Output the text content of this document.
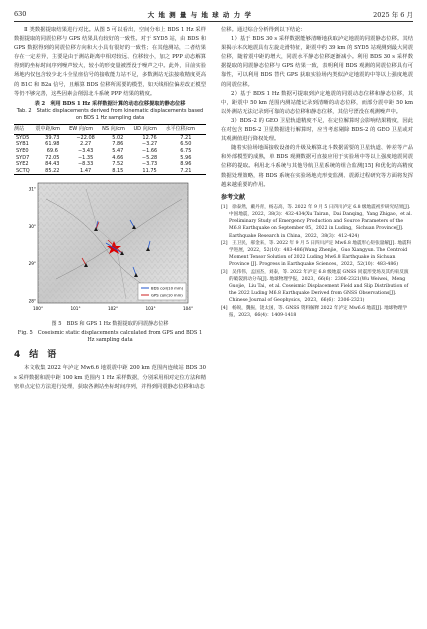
630	大 地 测 量 与 地 球 动 力 学	2025 年 6 月

Ⅱ 类数据提取结果进行对比。从图 5 可以看出，空间分布上 BDS 1 Hz 采样数据提取的同震位移与 GPS 结果具有较好的一致性。对于 SYD5 站，由 BDS 和 GPS 数据得到的同震位移方向和大小具有很好的一致性；在其他测站，二者结果存在一定差异，主要是由于测站距离中相对较远、位移较小，加之 PPP 动态解算得到的坐标时间序列噪声较大，较小的形变量被湮没于噪声之中。此外，目前实验场地内仅包含较少北斗全星座信号的接收能力站不足，多数测站无法接收精度更高的 B1C 和 B2a 信号，且解算 BDS 位移所需要的模型，如天线相位偏差改正模型等仍不够完善，这些因素会削弱北斗系统 PPP 结果的精度。

表 2　利用 BDS 1 Hz 采样数据计算的动态位移提取的静态位移
Tab. 2　Static displacements derived from kinematic displacements based on BDS 1 Hz sampling data
测站	震中距/km	EW 向/cm	NS 向/cm	UD 向/cm	水平位移/cm
SYD5	39.73	−22.08	5.02	12.76	7.21
SYB1	61.98	2.27	7.86	−3.27	6.50
SYE0	69.6	−3.43	5.47	−1.66	6.75
SYD7	72.05	−1.35	4.66	−5.28	5.96
SYE2	84.43	−8.33	7.52	−3.73	8.96
SCTQ	85.22	1.47	8.15	11.75	7.21
100°	101°	102°	103°	104°
31°
30°
29°
28°
BDS coil(10 mm)
GPS coil(10 mm)
图 5　BDS 和 GPS 1 Hz 数据提取的同震静态位移
Fig. 5　Coseismic static displacements calculated from GPS and BDS 1 Hz sampling data
4　结　语

本文收集 2022 年泸定 Mw6.6 地震震中距 200 km 范围内连续站 BDS 30 s 采样数据和震中距 100 km 范围内 1 Hz 采样数据，分别采用相对定位方法和精密单点定位方法进行处理，获取各测站坐标时间序列，并得到同震静态位移和动态

位移。通过综合分析得到以下结论：

1）基于 BDS 30 s 采样数据能够清晰地获取泸定地震的同震静态位移。其结果揭示本次地震具有左旋走滑特征，距震中约 39 km 的 SYD5 站观测到最大同震位移，随着震中距的增大，同震水平静态位移逐渐减小。利用 BDS 30 s 采样数据提取的同震静态位移与 GPS 结果一致，表明利用 BDS 观测的同震位移具有可靠性，可以利用 BDS 替代 GPS 获取实验场内类似泸定地震的中等以上强度地震的同震位移。

2）基于 BDS 1 Hz 数据可提取到泸定地震的同震动态位移和静态位移，其中，距震中 50 km 范围内测站能记录到清晰的动态位移，而部分震中距 50 km 以外测站无法记录到可靠的动态位移和静态位移，其信号湮没在观测噪声中。

3）BDS-2 的 GEO 卫星轨道精度不足，在定位解算时会影响结果精度，因此在对包含 BDS-2 卫星数据进行解算时，应当考虑剔除 BDS-2 的 GEO 卫星或对其观测值进行降权处理。

随着实验场地面接收设备的升级及解算北斗数据需要的卫星轨道、钟差等产品和外部模型的成熟，单 BDS 观测数据可直接应用于实验场中等以上强度地震同震位移的提取。利用北斗系统与其他导航卫星系统的组合监测[15] 和优化的高精度数据处理策略，将 BDS 系统在实验场地壳形变监测、震源过程研究等方面将发挥越来越重要的作用。

参考文献
[1]　徐泰然，戴丹青，杨志高，等. 2022 年 9 月 5 日四川泸定 6.8 级地震初步研究结果[J]. 中国地震，2022，38(3)：432-434(Xu Tairan，Dai Danqing，Yang Zhigao，et al. Preliminary Study of Emergency Production and Source Parameters of the M6.8 Earthquake on September 05，2022 in Luding，Sichuan Province[J]. Earthquake Research in China，2022，38(3)：412-424)
[2]　王卫民，郝金来，等. 2022 年 9 月 5 日四川泸定 Mw6.8 地震形心矩张量解[J]. 地震科学进展，2022，52(10)：483-486(Wang Zhenjie，Guo Xiangyun. The Centroid Moment Tensor Solution of 2022 Luding Mw6.8 Earthquake in Sichuan Province [J]. Progress in Earthquake Sciences，2022，52(10)：483-486)
[3]　吴伟伟，孟国杰，刘泰，等. 2022 年泸定 6.8 级地震 GNSS 同震形变场及其约束反演的破裂滑动分布[J]. 地球物理学报，2023，66(6)：2306-2321(Wu Weiwei，Meng Guojie，Liu Tai，et al. Coseismic Displacement Field and Slip Distribution of the 2022 Luding M6.8 Earthquake Derived from GNSS Observations[J]. Chinese Journal of Geophysics，2023，66(6)：2306-2321)
[4]　杨锐，魏振，饶太国，等. GNSS 资料解释 2022 年泸定 Mw6.6 地震[J]. 地球物理学报，2023，66(4)：1409-1418
